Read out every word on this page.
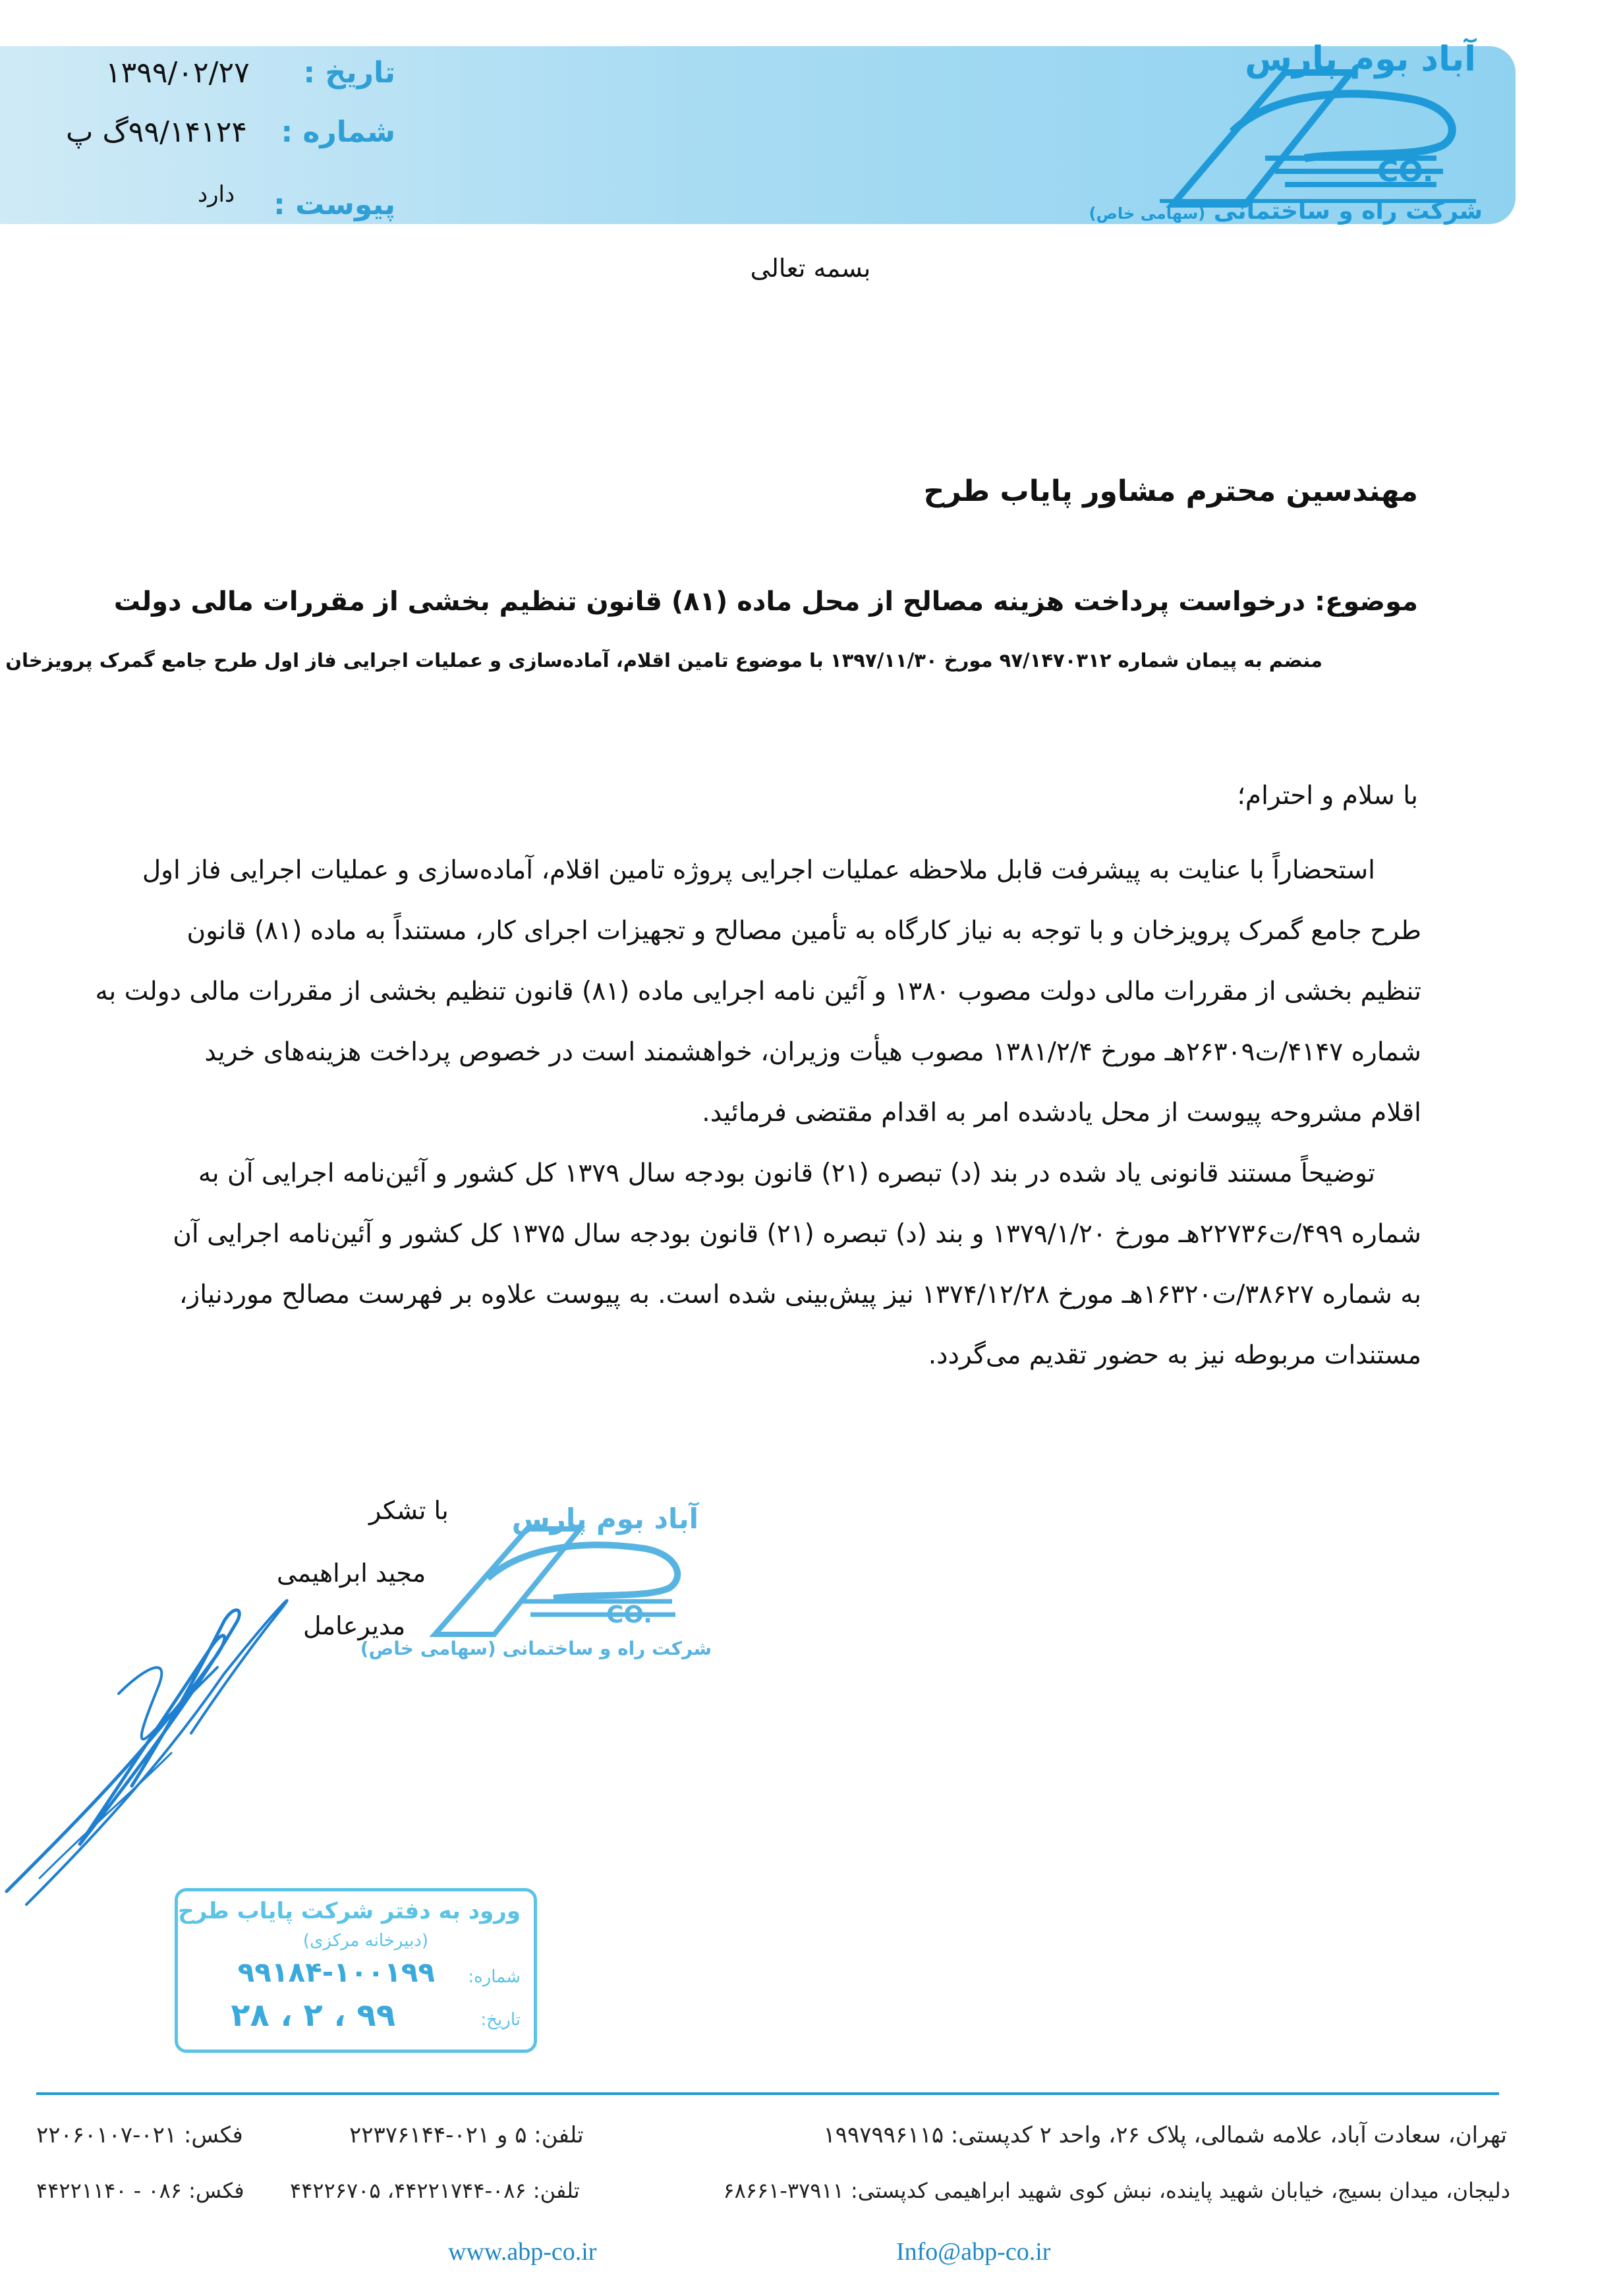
تاریخ :
۱۳۹۹/۰۲/۲۷
شماره :
۹۹/۱۴۱۲۴گ پ
پیوست :
دارد
آباد بوم پارس
CO.
شرکت راه و ساختمانی (سهامی خاص)
بسمه تعالی
مهندسین محترم مشاور پایاب طرح
موضوع: درخواست پرداخت هزینه مصالح از محل ماده (۸۱) قانون تنظیم بخشی از مقررات مالی دولت
منضم به پیمان شماره ۹۷/۱۴۷۰۳۱۲ مورخ ۱۳۹۷/۱۱/۳۰ با موضوع تامین اقلام، آماده‌سازی و عملیات اجرایی فاز اول طرح جامع گمرک پرویزخان
با سلام و احترام؛
استحضاراً با عنایت به پیشرفت قابل ملاحظه عملیات اجرایی پروژه تامین اقلام، آماده‌سازی و عملیات اجرایی فاز اول
طرح جامع گمرک پرویزخان و با توجه به نیاز کارگاه به تأمین مصالح و تجهیزات اجرای کار، مستنداً به ماده (۸۱) قانون
تنظیم بخشی از مقررات مالی دولت مصوب ۱۳۸۰ و آئین نامه اجرایی ماده (۸۱) قانون تنظیم بخشی از مقررات مالی دولت به
شماره ۴۱۴۷/ت۲۶۳۰۹هـ مورخ ۱۳۸۱/۲/۴ مصوب هیأت وزیران، خواهشمند است در خصوص پرداخت هزینه‌های خرید
اقلام مشروحه پیوست از محل یادشده امر به اقدام مقتضی فرمائید.
توضیحاً مستند قانونی یاد شده در بند (د) تبصره (۲۱) قانون بودجه سال ۱۳۷۹ کل کشور و آئین‌نامه اجرایی آن به
شماره ۴۹۹/ت۲۲۷۳۶هـ مورخ ۱۳۷۹/۱/۲۰ و بند (د) تبصره (۲۱) قانون بودجه سال ۱۳۷۵ کل کشور و آئین‌نامه اجرایی آن
به شماره ۳۸۶۲۷/ت۱۶۳۲۰هـ مورخ ۱۳۷۴/۱۲/۲۸ نیز پیش‌بینی شده است. به پیوست علاوه بر فهرست مصالح موردنیاز،
مستندات مربوطه نیز به حضور تقدیم می‌گردد.
با تشکر
مجید ابراهیمی
مدیرعامل
آباد بوم پارس
CO.
شرکت راه و ساختمانی (سهامی خاص)
ورود به دفتر شرکت پایاب طرح
(دبیرخانه مرکزی)
شماره:
۹۹۱۸۴-۱۰۰۱۹۹
تاریخ:
۹۹ ، ۲ ، ۲۸
تهران، سعادت آباد، علامه شمالی، پلاک ۲۶، واحد ۲ کدپستی: ۱۹۹۷۹۹۶۱۱۵
تلفن: ۵ و ۰۲۱-۲۲۳۷۶۱۴۴
فکس: ۰۲۱-۲۲۰۶۰۱۰۷
دلیجان، میدان بسیج، خیابان شهید پاینده، نبش کوی شهید ابراهیمی کدپستی: ۳۷۹۱۱-۶۸۶۶۱
تلفن: ۰۸۶-۴۴۲۲۱۷۴۴، ۴۴۲۲۶۷۰۵
فکس: ۰۸۶ - ۴۴۲۲۱۱۴۰
www.abp-co.ir	Info@abp-co.ir
